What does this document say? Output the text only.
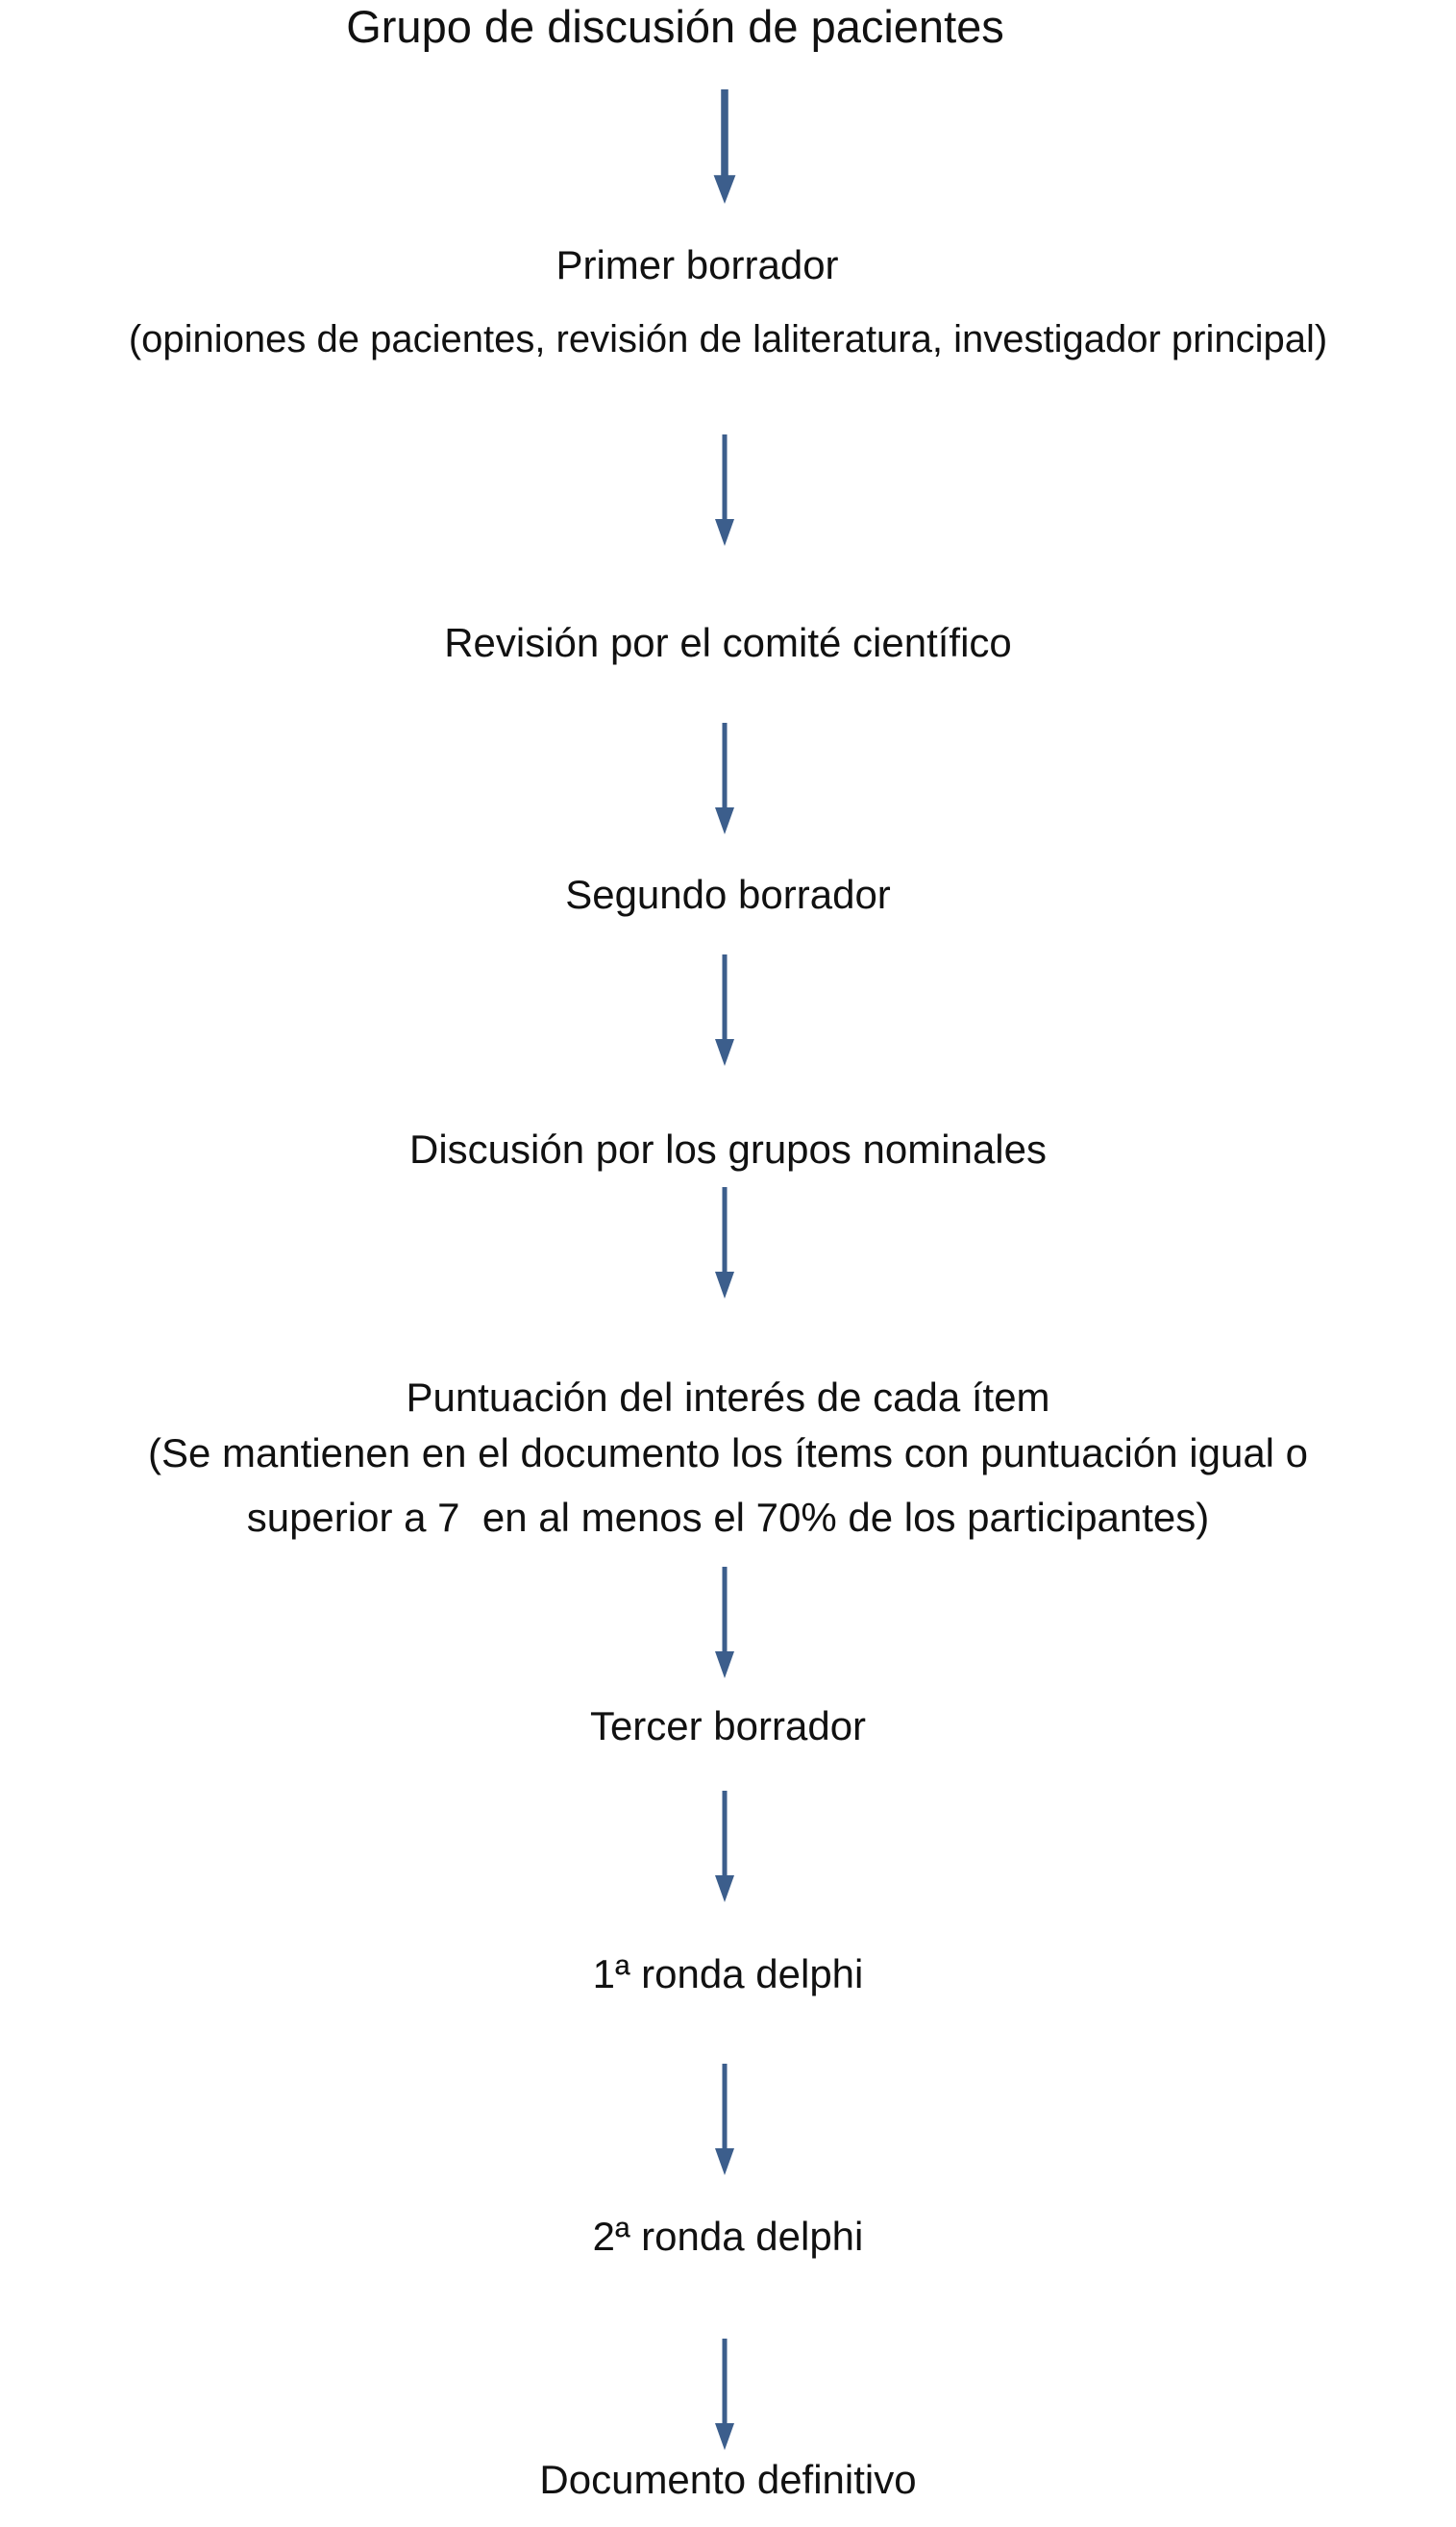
Grupo de discusión de pacientes
Primer borrador
(opiniones de pacientes, revisión de laliteratura, investigador principal)
Revisión por el comité científico
Segundo borrador
Discusión por los grupos nominales
Puntuación del interés de cada ítem
(Se mantienen en el documento los ítems con puntuación igual o
superior a 7  en al menos el 70% de los participantes)
Tercer borrador
1ª ronda delphi
2ª ronda delphi
Documento definitivo
